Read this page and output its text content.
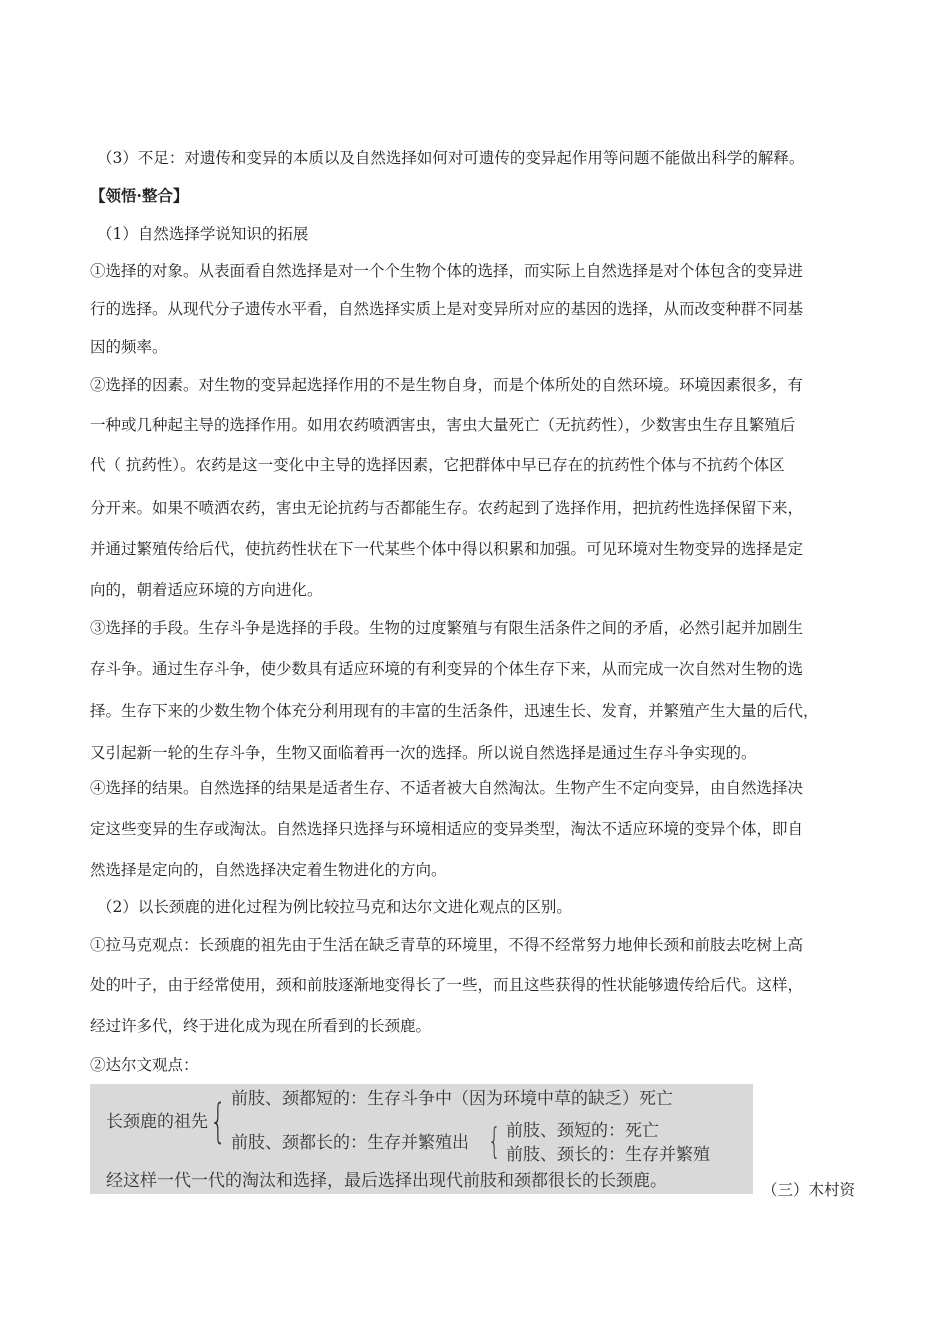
（3）不足：对遗传和变异的本质以及自然选择如何对可遗传的变异起作用等问题不能做出科学的解释。
【领悟·整合】
（1）自然选择学说知识的拓展
①选择的对象。从表面看自然选择是对一个个生物个体的选择，而实际上自然选择是对个体包含的变异进
行的选择。从现代分子遗传水平看，自然选择实质上是对变异所对应的基因的选择，从而改变种群不同基
因的频率。
②选择的因素。对生物的变异起选择作用的不是生物自身，而是个体所处的自然环境。环境因素很多，有
一种或几种起主导的选择作用。如用农药喷洒害虫，害虫大量死亡（无抗药性），少数害虫生存且繁殖后
代（ 抗药性）。农药是这一变化中主导的选择因素，它把群体中早已存在的抗药性个体与不抗药个体区
分开来。如果不喷洒农药，害虫无论抗药与否都能生存。农药起到了选择作用，把抗药性选择保留下来，
并通过繁殖传给后代，使抗药性状在下一代某些个体中得以积累和加强。可见环境对生物变异的选择是定
向的，朝着适应环境的方向进化。
③选择的手段。生存斗争是选择的手段。生物的过度繁殖与有限生活条件之间的矛盾，必然引起并加剧生
存斗争。通过生存斗争，使少数具有适应环境的有利变异的个体生存下来，从而完成一次自然对生物的选
择。生存下来的少数生物个体充分利用现有的丰富的生活条件，迅速生长、发育，并繁殖产生大量的后代，
又引起新一轮的生存斗争，生物又面临着再一次的选择。所以说自然选择是通过生存斗争实现的。
④选择的结果。自然选择的结果是适者生存、不适者被大自然淘汰。生物产生不定向变异，由自然选择决
定这些变异的生存或淘汰。自然选择只选择与环境相适应的变异类型，淘汰不适应环境的变异个体，即自
然选择是定向的，自然选择决定着生物进化的方向。
（2）以长颈鹿的进化过程为例比较拉马克和达尔文进化观点的区别。
①拉马克观点：长颈鹿的祖先由于生活在缺乏青草的环境里，不得不经常努力地伸长颈和前肢去吃树上高
处的叶子，由于经常使用，颈和前肢逐渐地变得长了一些，而且这些获得的性状能够遗传给后代。这样，
经过许多代，终于进化成为现在所看到的长颈鹿。
②达尔文观点：
长颈鹿的祖先 { 前肢、颈都短的：生存斗争中（因为环境中草的缺乏）死亡
前肢、颈都长的：生存并繁殖出 { 前肢、颈短的：死亡
前肢、颈长的：生存并繁殖
经这样一代一代的淘汰和选择，最后选择出现代前肢和颈都很长的长颈鹿。	（三）木村资
